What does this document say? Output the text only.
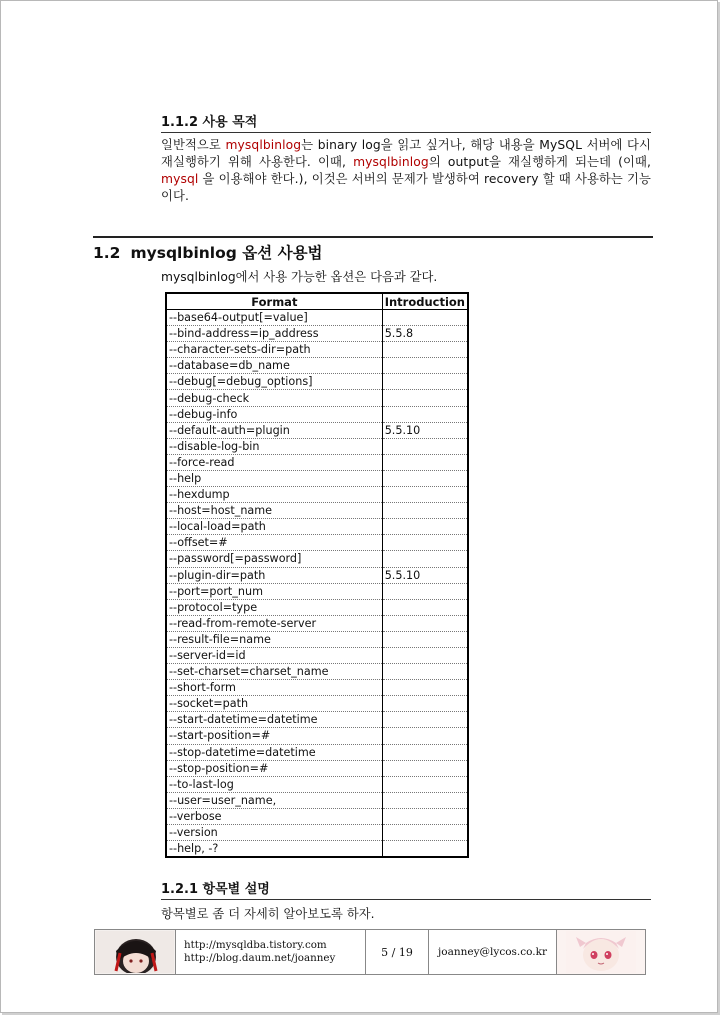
1.1.2 사용 목적
일반적으로 mysqlbinlog는 binary log을 읽고 싶거나, 해당 내용을 MySQL 서버에 다시 재실행하기 위해 사용한다. 이때, mysqlbinlog의 output을 재실행하게 되는데 (이때, mysql 을 이용해야 한다.), 이것은 서버의 문제가 발생하여 recovery 할 때 사용하는 기능이다.
1.2 mysqlbinlog 옵션 사용법
mysqlbinlog에서 사용 가능한 옵션은 다음과 같다.
Format	Introduction
--base64-output[=value]	
--bind-address=ip_address	5.5.8
--character-sets-dir=path	
--database=db_name	
--debug[=debug_options]	
--debug-check	
--debug-info	
--default-auth=plugin	5.5.10
--disable-log-bin	
--force-read	
--help	
--hexdump	
--host=host_name	
--local-load=path	
--offset=#	
--password[=password]	
--plugin-dir=path	5.5.10
--port=port_num	
--protocol=type	
--read-from-remote-server	
--result-file=name	
--server-id=id	
--set-charset=charset_name	
--short-form	
--socket=path	
--start-datetime=datetime	
--start-position=#	
--stop-datetime=datetime	
--stop-position=#	
--to-last-log	
--user=user_name,	
--verbose	
--version	
--help, -?	
1.2.1 항목별 설명
항목별로 좀 더 자세히 알아보도록 하자.
http://mysqldba.tistory.com
http://blog.daum.net/joanney	5 / 19	joanney@lycos.co.kr
